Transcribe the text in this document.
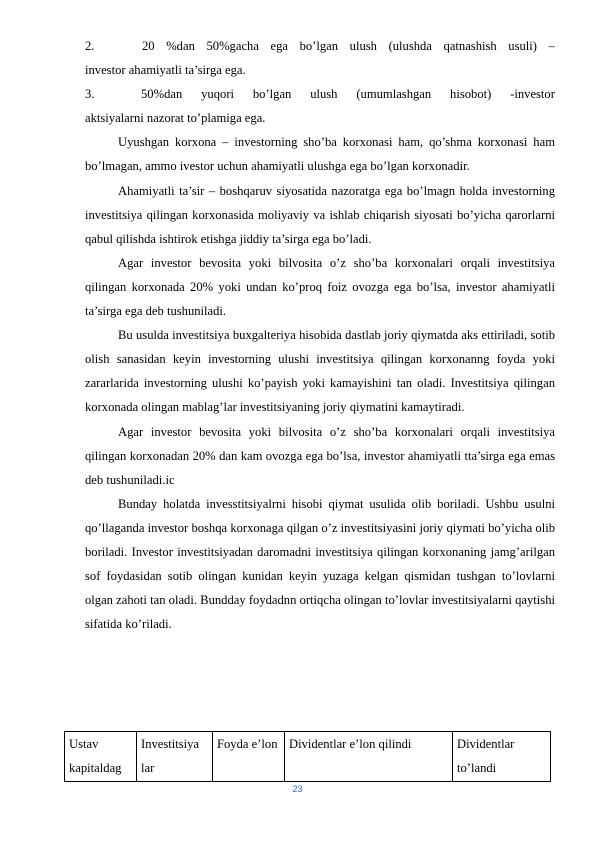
2.	20 %dan 50%gacha ega bo’lgan ulush (ulushda qatnashish usuli) –
investor ahamiyatli ta’sirga ega.
3.	50%dan yuqori bo’lgan ulush (umumlashgan hisobot) -investor
aktsiyalarni nazorat to’plamiga ega.

Uyushgan korxona – investorning sho’ba korxonasi ham, qo’shma korxonasi ham bo’lmagan, ammo ivestor uchun ahamiyatli ulushga ega bo’lgan korxonadir.

Ahamiyatli ta’sir – boshqaruv siyosatida nazoratga ega bo’lmagn holda investorning investitsiya qilingan korxonasida moliyaviy va ishlab chiqarish siyosati bo’yicha qarorlarni qabul qilishda ishtirok etishga jiddiy ta’sirga ega bo’ladi.

Agar investor bevosita yoki bilvosita o’z sho’ba korxonalari orqali investitsiya qilingan korxonada 20% yoki undan ko’proq foiz ovozga ega bo’lsa, investor ahamiyatli ta’sirga ega deb tushuniladi.

Bu usulda investitsiya buxgalteriya hisobida dastlab joriy qiymatda aks ettiriladi, sotib olish sanasidan keyin investorning ulushi investitsiya qilingan korxonanng foyda yoki zararlarida investorning ulushi ko’payish yoki kamayishini tan oladi. Investitsiya qilingan korxonada olingan mablag’lar investitsiyaning joriy qiymatini kamaytiradi.

Agar investor bevosita yoki bilvosita o’z sho’ba korxonalari orqali investitsiya qilingan korxonadan 20% dan kam ovozga ega bo’lsa, investor ahamiyatli tta’sirga ega emas deb tushuniladi.ic

Bunday holatda invesstitsiyalrni hisobi qiymat usulida olib boriladi. Ushbu usulni qo’llaganda investor boshqa korxonaga qilgan o’z investitsiyasini joriy qiymati bo’yicha olib boriladi. Investor investitsiyadan daromadni investitsiya qilingan korxonaning jamg’arilgan sof foydasidan sotib olingan kunidan keyin yuzaga kelgan qismidan tushgan to’lovlarni olgan zahoti tan oladi. Bundday foydadnn ortiqcha olingan to’lovlar investitsiyalarni qaytishi sifatida ko’riladi.

Ustav kapitaldag	Investitsiya lar	Foyda e’lon	Dividentlar e’lon qilindi	Dividentlar to’landi
23
